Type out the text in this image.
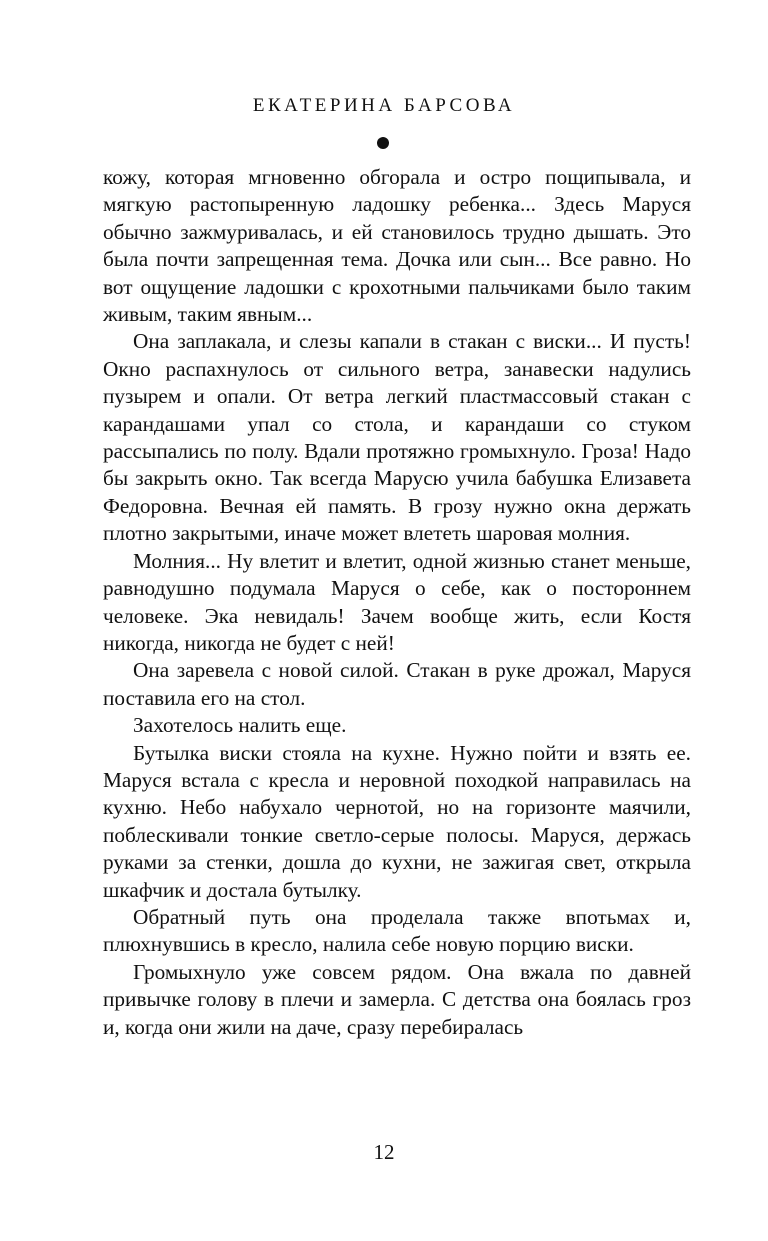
ЕКАТЕРИНА БАРСОВА

кожу, которая мгновенно обгорала и остро пощипывала, и мягкую растопыренную ладошку ребенка... Здесь Маруся обычно зажмуривалась, и ей становилось трудно дышать. Это была почти запрещенная тема. Дочка или сын... Все равно. Но вот ощущение ладошки с крохотными пальчиками было таким живым, таким явным...

Она заплакала, и слезы капали в стакан с виски... И пусть! Окно распахнулось от сильного ветра, занавески надулись пузырем и опали. От ветра легкий пластмассовый стакан с карандашами упал со стола, и карандаши со стуком рассыпались по полу. Вдали протяжно громыхнуло. Гроза! Надо бы закрыть окно. Так всегда Марусю учила бабушка Елизавета Федоровна. Вечная ей память. В грозу нужно окна держать плотно закрытыми, иначе может влететь шаровая молния.

Молния... Ну влетит и влетит, одной жизнью станет меньше, равнодушно подумала Маруся о себе, как о постороннем человеке. Эка невидаль! Зачем вообще жить, если Костя никогда, никогда не будет с ней!

Она заревела с новой силой. Стакан в руке дрожал, Маруся поставила его на стол.

Захотелось налить еще.

Бутылка виски стояла на кухне. Нужно пойти и взять ее. Маруся встала с кресла и неровной походкой направилась на кухню. Небо набухало чернотой, но на горизонте маячили, поблескивали тонкие светло-серые полосы. Маруся, держась руками за стенки, дошла до кухни, не зажигая свет, открыла шкафчик и достала бутылку.

Обратный путь она проделала также впотьмах и, плюхнувшись в кресло, налила себе новую порцию виски.

Громыхнуло уже совсем рядом. Она вжала по давней привычке голову в плечи и замерла. С детства она боялась гроз и, когда они жили на даче, сразу перебиралась

12
